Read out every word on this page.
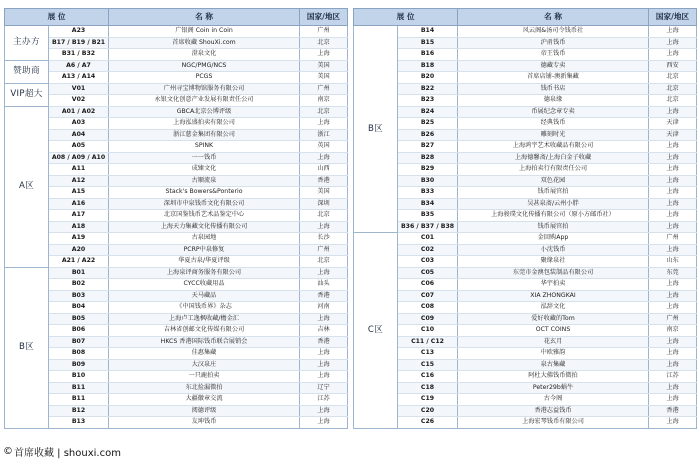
展 位		名 称	国家/地区
主办方	A23	广银阁 Coin in Coin	广州
	B17 / B19 / B21	首席收藏 ShouXi.com	北京
	B31 / B32	澄泉文化	上海
赞助商	A6 / A7	NGC/PMG/NCS	美国
	A13 / A14	PCGS	美国
VIP超大	V01	广州寻宝博物馆服务有限公司	广州
	V02	永银文化创意产业发展有限责任公司	南京
A区	A01 / A02	GBCA北京公博评级	北京
	A03	上海泓盛拍卖有限公司	上海
	A04	浙江慈金集团有限公司	浙江
	A05	SPINK	英国
	A08 / A09 / A10	一一钱币	上海
	A11	成臻文化	山西
	A12	古顺流泉	香港
	A15	Stack's Bowers&Ponterio	美国
	A16	深圳市中泉钱币文化有限公司	深圳
	A17	北京国鉴钱币艺术品鉴定中心	北京
	A18	上海天力集藏文化传播有限公司	上海
	A19	古泉园地	长沙
	A20	PCRP中泉修复	广州
	A21 / A22	华夏古泉/华夏评级	北京
B区	B01	上海泉评商务服务有限公司	上海
	B02	CYCC收藏用品	汕头
	B03	天马藏品	香港
	B04	《中国钱币界》杂志	河南
	B05	上海卢工逸枫收藏/檐金汇	上海
	B06	吉林省创邮文化传媒有限公司	吉林
	B07	HKCS 香港国际钱币联合展销会	香港
	B08	佳惠集藏	上海
	B09	大汉泉庄	上海
	B10	一只鹿拍卖	上海
	B11	东北捡漏微拍	辽宁
	B11	大疆徽章交流	江苏
	B12	阅德评级	上海
	B13	友坤钱币	上海
展 位		名 称	国家/地区
B区	B14	风云阁&汤司令钱币社	上海
	B15	沪甬钱币	上海
	B16	帝王钱币	上海
	B18	德藏专卖	西安
	B20	首席店铺-澳新集藏	北京
	B22	钱币书店	北京
	B23	德泉缘	北京
	B24	币展纪念章专卖	上海
	B25	经典钱币	天津
	B26	雕刻时光	天津
	B27	上海鸿宇艺术收藏品有限公司	上海
	B28	上海德馨斋/上海白金子收藏	上海
	B29	上海拍卖行有限责任公司	上海
	B30	双色花园	上海
	B33	钱币展官拍	上海
	B34	吴甚泉斋/云州小胖	上海
	B35	上海骏璞文化传播有限公司（原小方邮币社）	上海
	B36 / B37 / B38	钱币展官拍	上海
C区	C01	金回购App	广州
	C02	小沈钱币	上海
	C03	聚缘泉社	山东
	C05	东莞市金澳包装制品有限公司	东莞
	C06	华宇拍卖	上海
	C07	XIA ZHONGKAI	上海
	C08	泓辞文化	上海
	C09	爱好收藏的Tom	广州
	C10	OCT COINS	南京
	C11 / C12	花玄月	上海
	C13	中欧雅韵	上海
	C15	泉古集藏	上海
	C16	阿杜大佛钱币微拍	江苏
	C18	Peter29b蜗牛	上海
	C19	古今阁	上海
	C20	香港志益钱币	香港
	C26	上海宏琴钱币有限公司	上海
© 首席收藏 | shouxi.com
